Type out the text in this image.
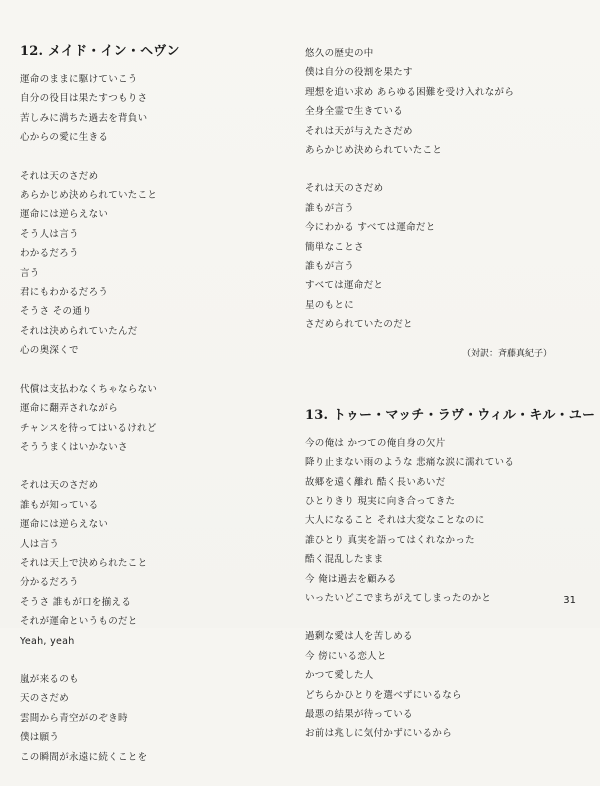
12. メイド・イン・ヘヴン
運命のままに駆けていこう
自分の役目は果たすつもりさ
苦しみに満ちた過去を背負い
心からの愛に生きる
それは天のさだめ
あらかじめ決められていたこと
運命には逆らえない
そう人は言う
わかるだろう
言う
君にもわかるだろう
そうさ その通り
それは決められていたんだ
心の奥深くで
代償は支払わなくちゃならない
運命に翻弄されながら
チャンスを待ってはいるけれど
そううまくはいかないさ
それは天のさだめ
誰もが知っている
運命には逆らえない
人は言う
それは天上で決められたこと
分かるだろう
そうさ 誰もが口を揃える
それが運命というものだと
Yeah, yeah
嵐が来るのも
天のさだめ
雲間から青空がのぞき時
僕は願う
この瞬間が永遠に続くことを
悠久の歴史の中
僕は自分の役割を果たす
理想を追い求め あらゆる困難を受け入れながら
全身全霊で生きている
それは天が与えたさだめ
あらかじめ決められていたこと
それは天のさだめ
誰もが言う
今にわかる すべては運命だと
簡単なことさ
誰もが言う
すべては運命だと
星のもとに
さだめられていたのだと
（対訳：斉藤真紀子）
13. トゥー・マッチ・ラヴ・ウィル・キル・ユー
今の俺は かつての俺自身の欠片
降り止まない雨のような 悲痛な涙に濡れている
故郷を遠く離れ 酷く長いあいだ
ひとりきり 現実に向き合ってきた
大人になること それは大変なことなのに
誰ひとり 真実を語ってはくれなかった
酷く混乱したまま
今 俺は過去を顧みる
いったいどこでまちがえてしまったのかと
過剰な愛は人を苦しめる
今 傍にいる恋人と
かつて愛した人
どちらかひとりを選べずにいるなら
最悪の結果が待っている
お前は兆しに気付かずにいるから
31
